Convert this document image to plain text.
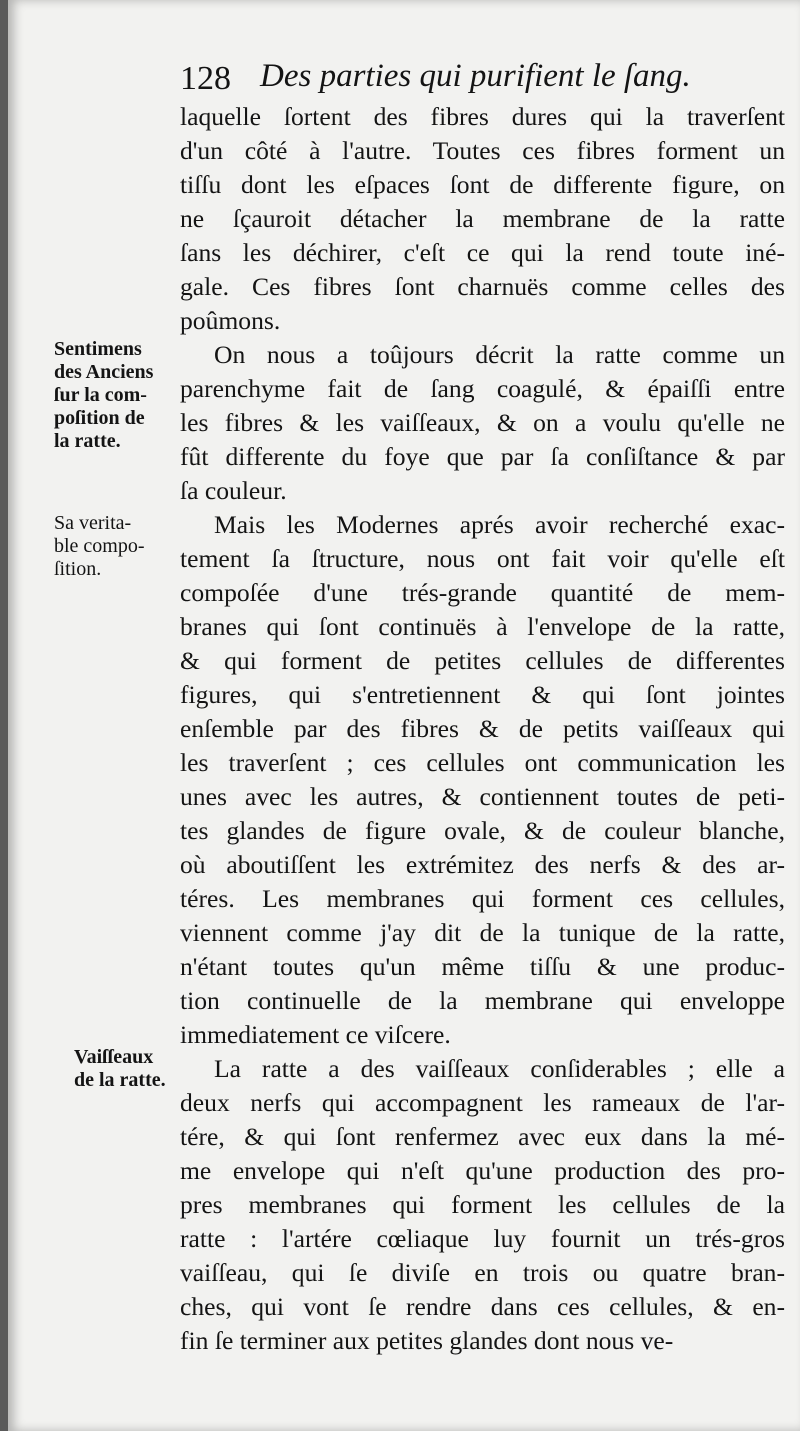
128 Des parties qui purifient le ſang.
Sentimens
des Anciens
ſur la com-
poſition de
la ratte.
Sa verita-
ble compo-
ſition.
Vaiſſeaux
de la ratte.

laquelle ſortent des fibres dures qui la traverſent
d'un côté à l'autre. Toutes ces fibres forment un
tiſſu dont les eſpaces ſont de differente figure, on
ne ſçauroit détacher la membrane de la ratte
ſans les déchirer, c'eſt ce qui la rend toute iné-
gale. Ces fibres ſont charnuës comme celles des
poûmons.

On nous a toûjours décrit la ratte comme un
parenchyme fait de ſang coagulé, & épaiſſi entre
les fibres & les vaiſſeaux, & on a voulu qu'elle ne
fût differente du foye que par ſa conſiſtance & par
ſa couleur.

Mais les Modernes aprés avoir recherché exac-
tement ſa ſtructure, nous ont fait voir qu'elle eſt
compoſée d'une trés-grande quantité de mem-
branes qui ſont continuës à l'envelope de la ratte,
& qui forment de petites cellules de differentes
figures, qui s'entretiennent & qui ſont jointes
enſemble par des fibres & de petits vaiſſeaux qui
les traverſent ; ces cellules ont communication les
unes avec les autres, & contiennent toutes de peti-
tes glandes de figure ovale, & de couleur blanche,
où aboutiſſent les extrémitez des nerfs & des ar-
téres. Les membranes qui forment ces cellules,
viennent comme j'ay dit de la tunique de la ratte,
n'étant toutes qu'un même tiſſu & une produc-
tion continuelle de la membrane qui enveloppe
immediatement ce viſcere.

La ratte a des vaiſſeaux conſiderables ; elle a
deux nerfs qui accompagnent les rameaux de l'ar-
tére, & qui ſont renfermez avec eux dans la mé-
me envelope qui n'eſt qu'une production des pro-
pres membranes qui forment les cellules de la
ratte : l'artére cœliaque luy fournit un trés-gros
vaiſſeau, qui ſe diviſe en trois ou quatre bran-
ches, qui vont ſe rendre dans ces cellules, & en-
fin ſe terminer aux petites glandes dont nous ve-
